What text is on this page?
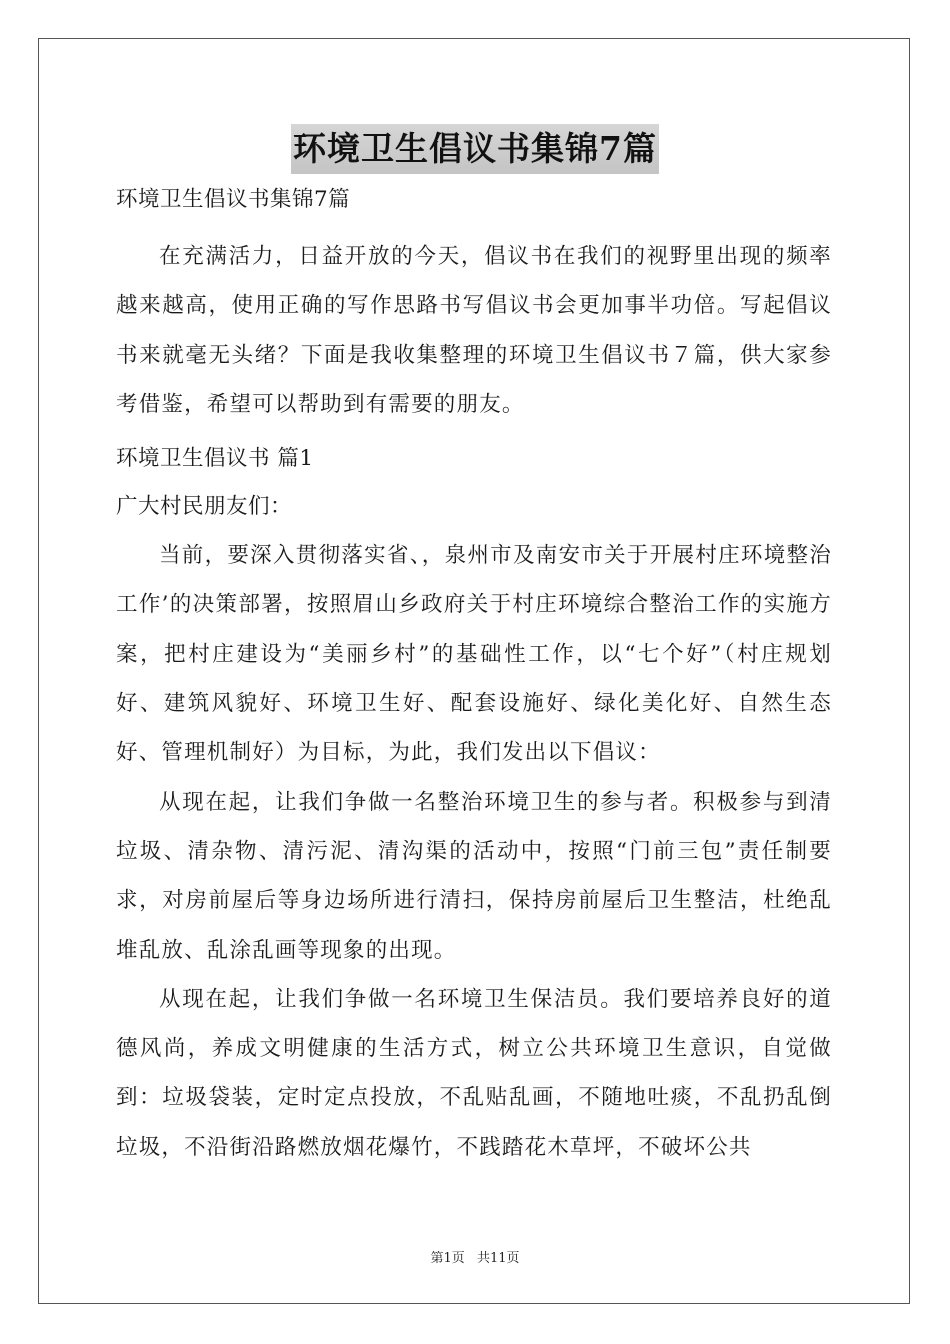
环境卫生倡议书集锦7篇

环境卫生倡议书集锦7篇

在充满活力，日益开放的今天，倡议书在我们的视野里出现的频率越来越高，使用正确的写作思路书写倡议书会更加事半功倍。写起倡议书来就毫无头绪？下面是我收集整理的环境卫生倡议书７篇，供大家参考借鉴，希望可以帮助到有需要的朋友。

环境卫生倡议书 篇1

广大村民朋友们：

当前，要深入贯彻落实省、，泉州市及南安市关于开展村庄环境整治工作’的决策部署，按照眉山乡政府关于村庄环境综合整治工作的实施方案，把村庄建设为“美丽乡村”的基础性工作，以“七个好”（村庄规划好、建筑风貌好、环境卫生好、配套设施好、绿化美化好、自然生态好、管理机制好）为目标，为此，我们发出以下倡议：

从现在起，让我们争做一名整治环境卫生的参与者。积极参与到清垃圾、清杂物、清污泥、清沟渠的活动中，按照“门前三包”责任制要求，对房前屋后等身边场所进行清扫，保持房前屋后卫生整洁，杜绝乱堆乱放、乱涂乱画等现象的出现。

从现在起，让我们争做一名环境卫生保洁员。我们要培养良好的道德风尚，养成文明健康的生活方式，树立公共环境卫生意识，自觉做到：垃圾袋装，定时定点投放，不乱贴乱画，不随地吐痰，不乱扔乱倒垃圾，不沿街沿路燃放烟花爆竹，不践踏花木草坪，不破坏公共

第1页 共11页
